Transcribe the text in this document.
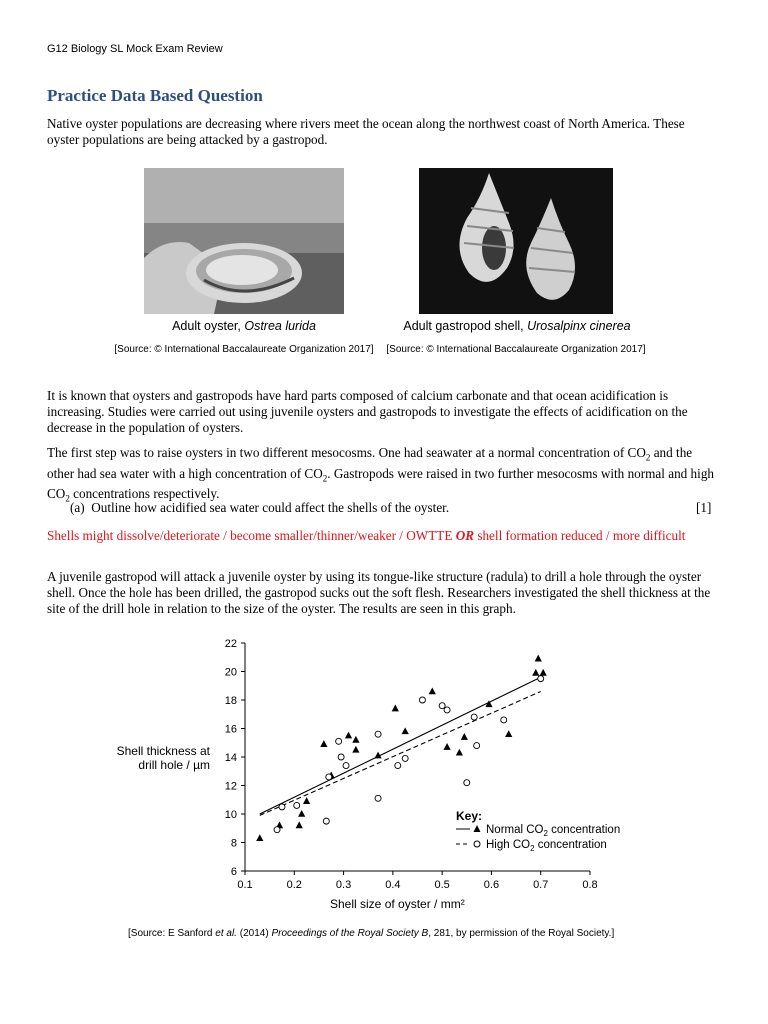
G12 Biology SL Mock Exam Review
Practice Data Based Question
Native oyster populations are decreasing where rivers meet the ocean along the northwest coast of North America. These oyster populations are being attacked by a gastropod.
Adult oyster, Ostrea lurida	Adult gastropod shell, Urosalpinx cinerea
[Source: © International Baccalaureate Organization 2017] [Source: © International Baccalaureate Organization 2017]
It is known that oysters and gastropods have hard parts composed of calcium carbonate and that ocean acidification is increasing. Studies were carried out using juvenile oysters and gastropods to investigate the effects of acidification on the decrease in the population of oysters.
The first step was to raise oysters in two different mesocosms. One had seawater at a normal concentration of $CO_2$ and the other had sea water with a high concentration of $CO_2$. Gastropods were raised in two further mesocosms with normal and high $CO_2$ concentrations respectively.
(a) Outline how acidified sea water could affect the shells of the oyster.	[1]
Shells might dissolve/deteriorate / become smaller/thinner/weaker / OWTTE OR shell formation reduced / more difficult
A juvenile gastropod will attack a juvenile oyster by using its tongue-like structure (radula) to drill a hole through the oyster shell. Once the hole has been drilled, the gastropod sucks out the soft flesh. Researchers investigated the shell thickness at the site of the drill hole in relation to the size of the oyster. The results are seen in this graph.
Shell thickness at drill hole / µm
Shell size of oyster / mm²
0.1	0.2	0.3	0.4	0.5	0.6	0.7	0.8
6
8
10
12
14
16
18
20
22
Key:
Normal $CO_2$ concentration
High $CO_2$ concentration
[Source: E Sanford et al. (2014) Proceedings of the Royal Society B, 281, by permission of the Royal Society.]
